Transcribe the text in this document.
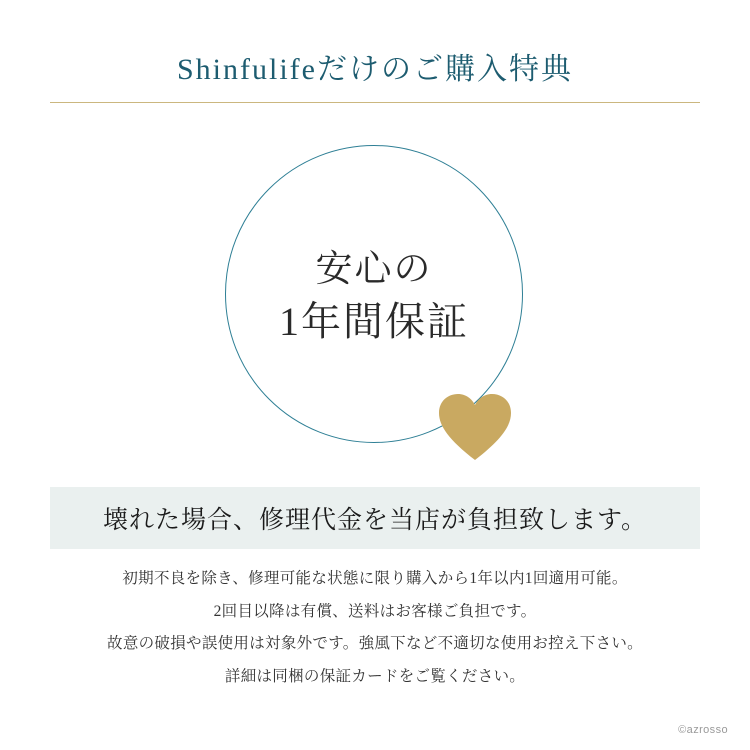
Shinfulifeだけのご購入特典
安心の
1年間保証
壊れた場合、修理代金を当店が負担致します。
初期不良を除き、修理可能な状態に限り購入から1年以内1回適用可能。
2回目以降は有償、送料はお客様ご負担です。
故意の破損や誤使用は対象外です。強風下など不適切な使用お控え下さい。
詳細は同梱の保証カードをご覧ください。
©azrosso
